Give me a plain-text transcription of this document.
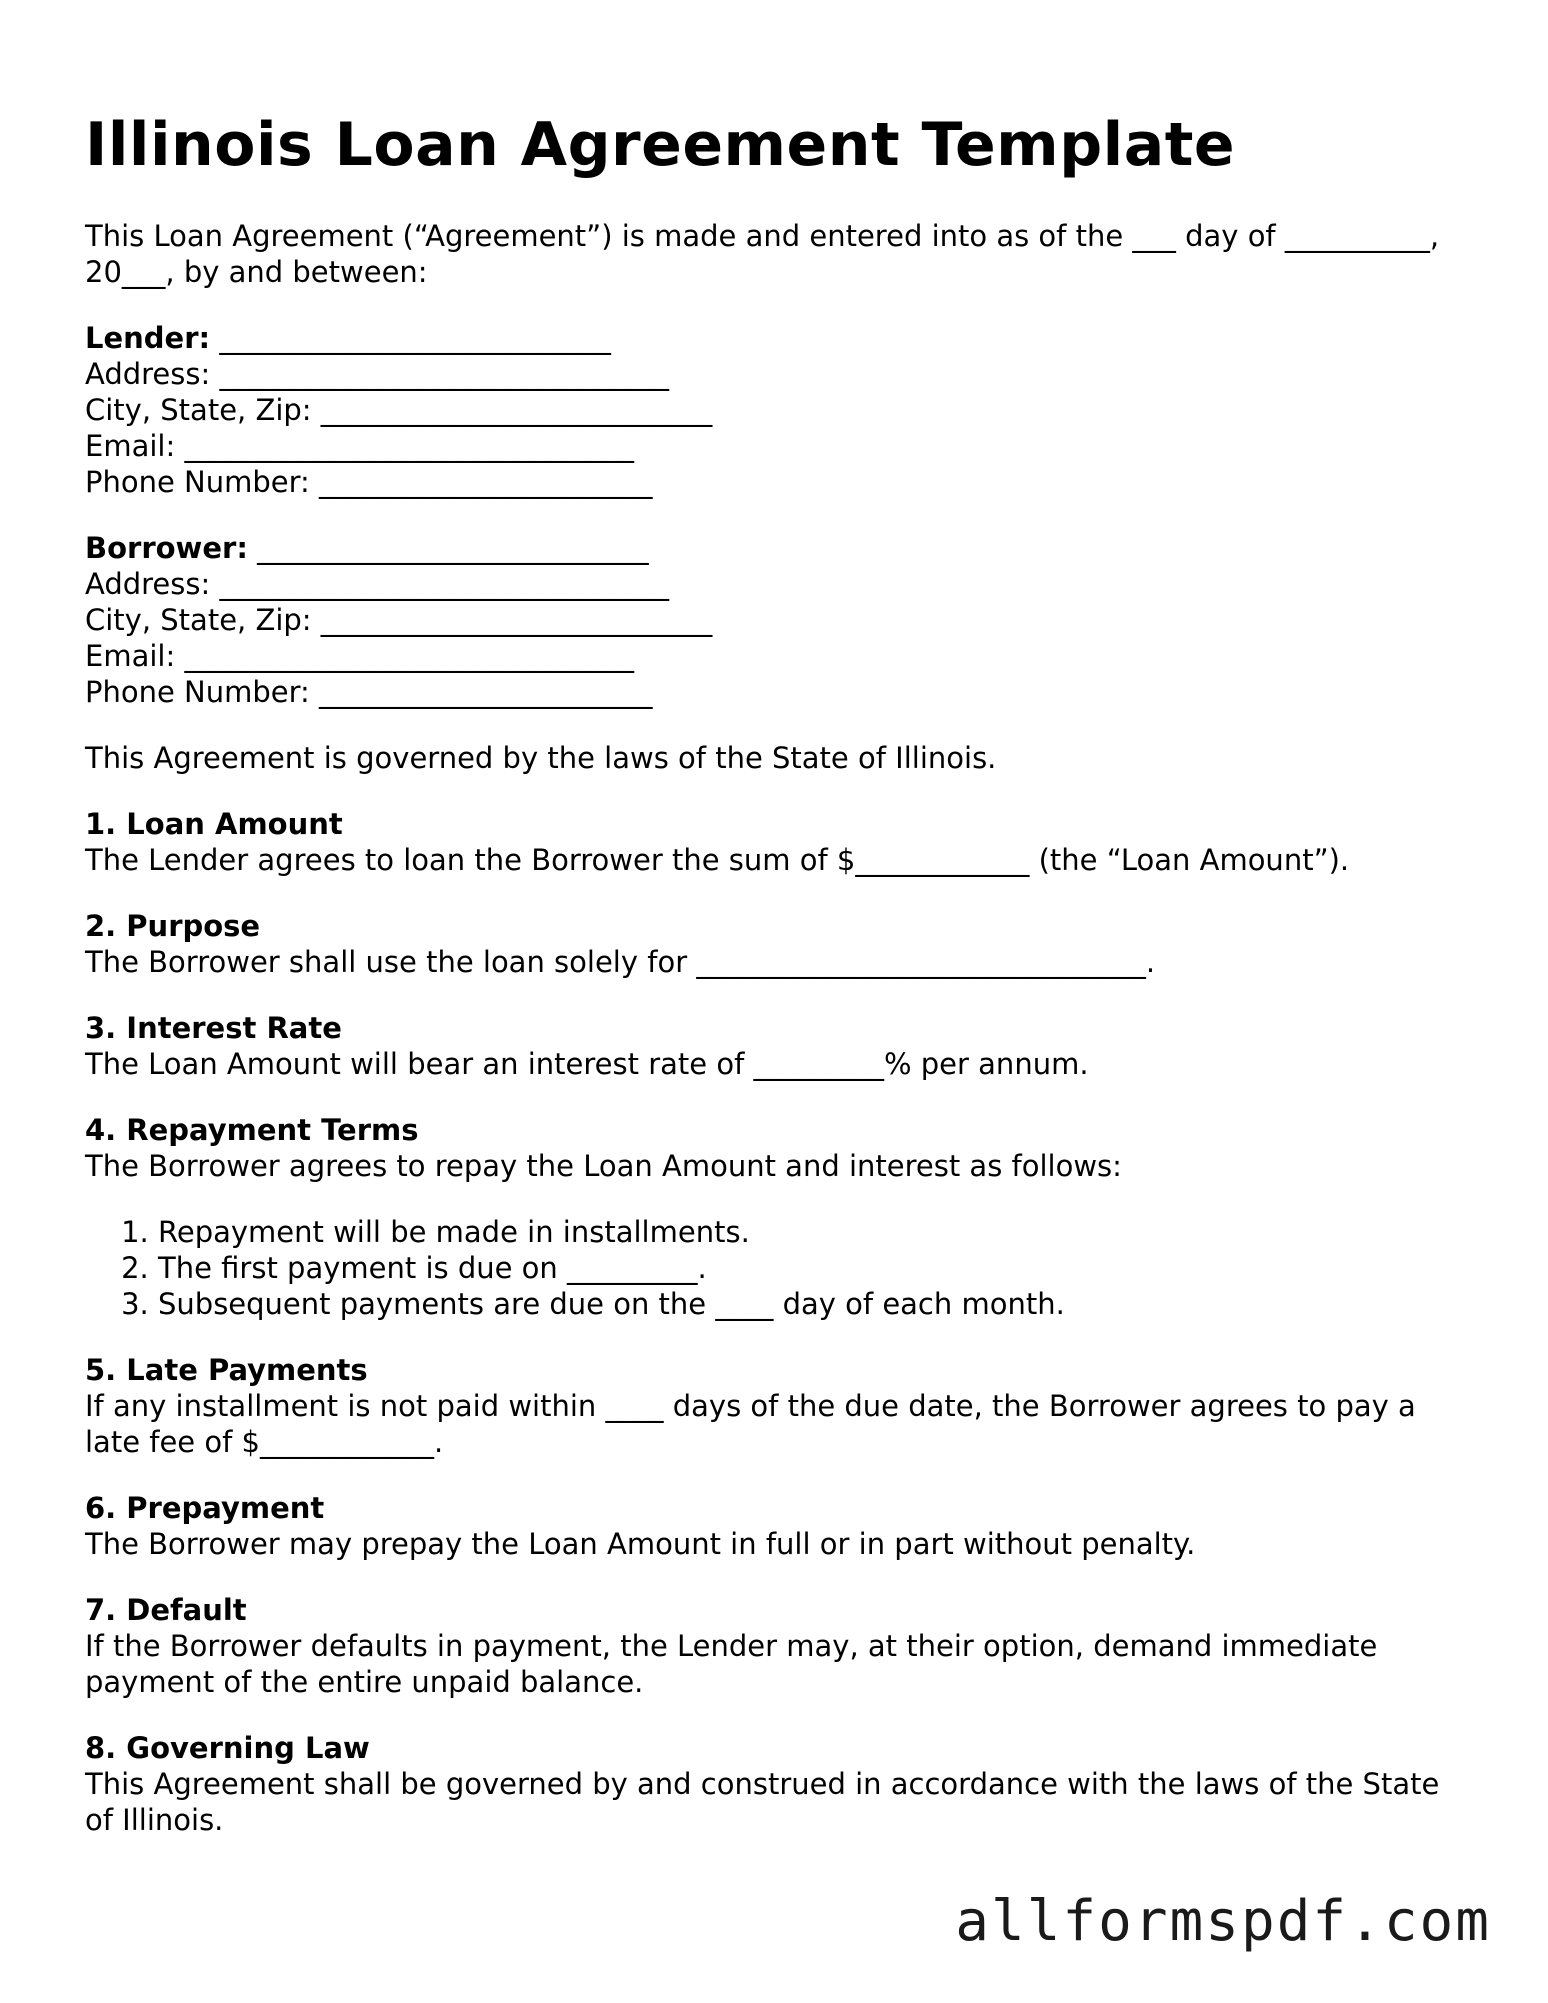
Illinois Loan Agreement Template

This Loan Agreement (“Agreement”) is made and entered into as of the ___ day of __________, 20___, by and between:

Lender: ___________________________
Address: _______________________________
City, State, Zip: ___________________________
Email: _______________________________
Phone Number: _______________________
Borrower: ___________________________
Address: _______________________________
City, State, Zip: ___________________________
Email: _______________________________
Phone Number: _______________________

This Agreement is governed by the laws of the State of Illinois.

1. Loan Amount

The Lender agrees to loan the Borrower the sum of $____________ (the “Loan Amount”).

2. Purpose

The Borrower shall use the loan solely for _______________________________.

3. Interest Rate

The Loan Amount will bear an interest rate of _________% per annum.

4. Repayment Terms

The Borrower agrees to repay the Loan Amount and interest as follows:

1. Repayment will be made in installments.
2. The first payment is due on _________.
3. Subsequent payments are due on the ____ day of each month.
5. Late Payments

If any installment is not paid within ____ days of the due date, the Borrower agrees to pay a late fee of $____________.

6. Prepayment

The Borrower may prepay the Loan Amount in full or in part without penalty.

7. Default

If the Borrower defaults in payment, the Lender may, at their option, demand immediate payment of the entire unpaid balance.

8. Governing Law

This Agreement shall be governed by and construed in accordance with the laws of the State of Illinois.

allformspdf.com
